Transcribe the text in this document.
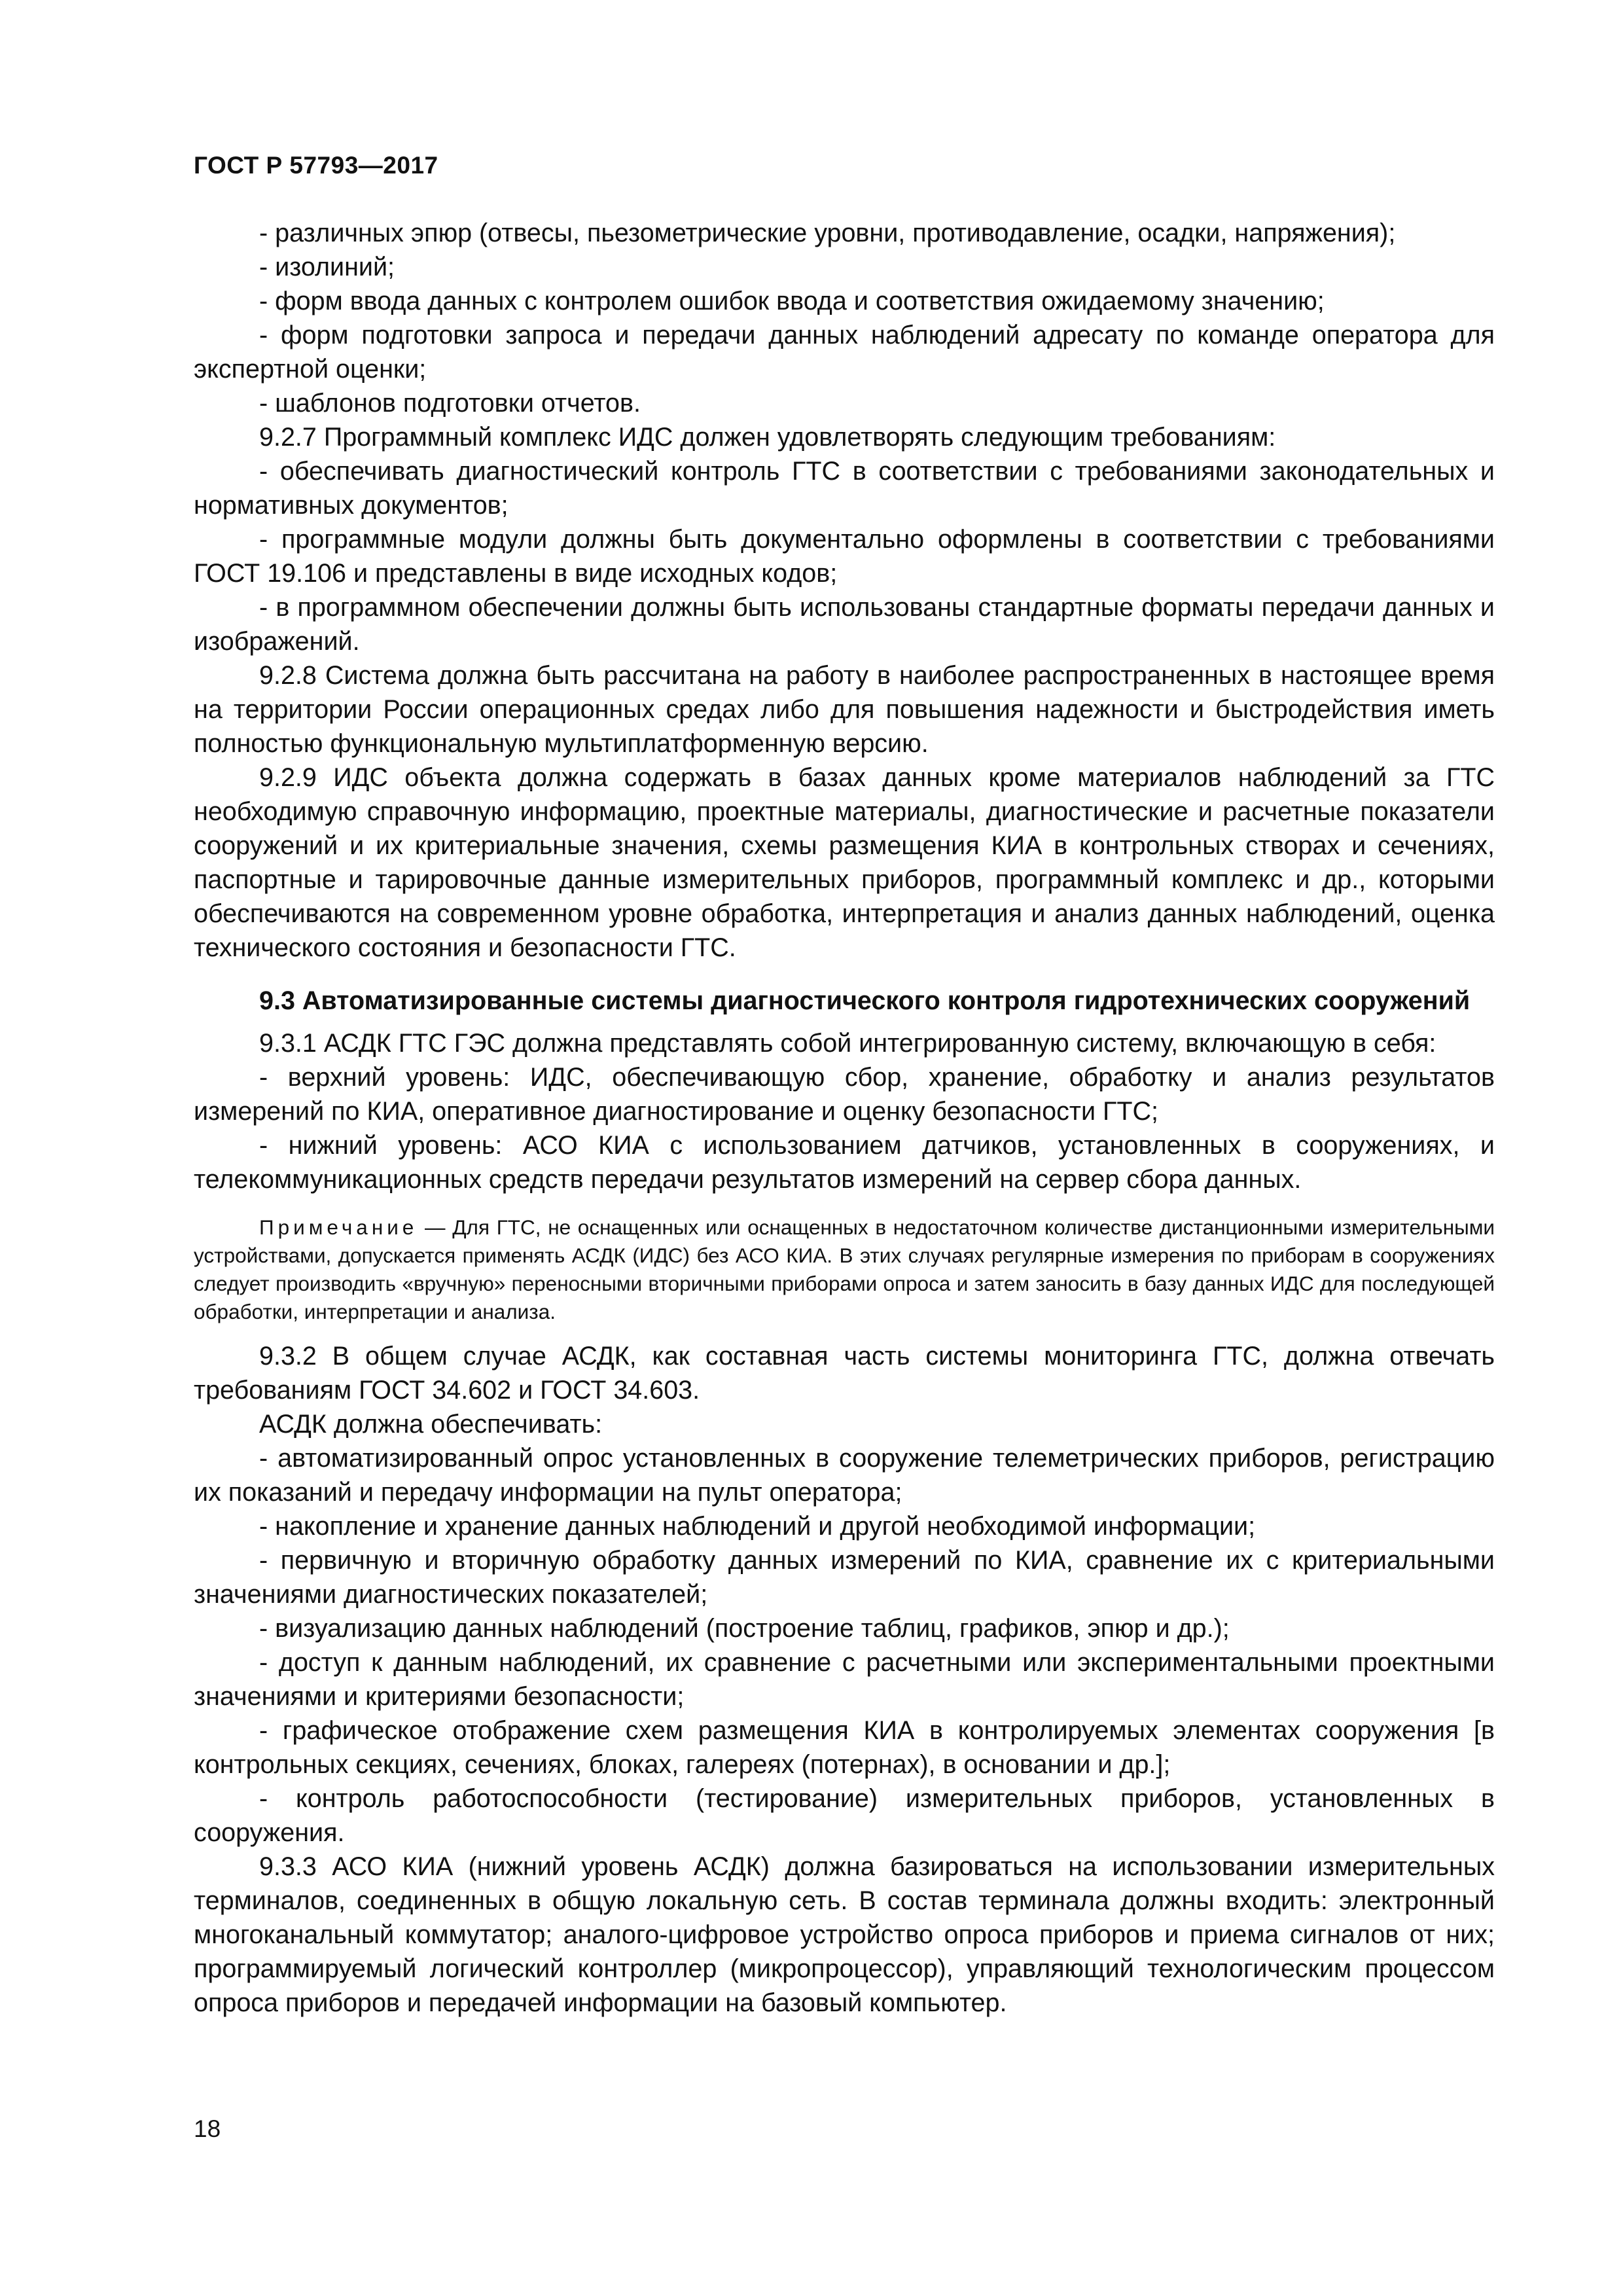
ГОСТ Р 57793—2017

- различных эпюр (отвесы, пьезометрические уровни, противодавление, осадки, напряжения);

- изолиний;

- форм ввода данных с контролем ошибок ввода и соответствия ожидаемому значению;

- форм подготовки запроса и передачи данных наблюдений адресату по команде оператора для экспертной оценки;

- шаблонов подготовки отчетов.

9.2.7 Программный комплекс ИДС должен удовлетворять следующим требованиям:

- обеспечивать диагностический контроль ГТС в соответствии с требованиями законодательных и нормативных документов;

- программные модули должны быть документально оформлены в соответствии с требованиями ГОСТ 19.106 и представлены в виде исходных кодов;

- в программном обеспечении должны быть использованы стандартные форматы передачи данных и изображений.

9.2.8 Система должна быть рассчитана на работу в наиболее распространенных в настоящее время на территории России операционных средах либо для повышения надежности и быстродействия иметь полностью функциональную мультиплатформенную версию.

9.2.9 ИДС объекта должна содержать в базах данных кроме материалов наблюдений за ГТС необходимую справочную информацию, проектные материалы, диагностические и расчетные показатели сооружений и их критериальные значения, схемы размещения КИА в контрольных створах и сечениях, паспортные и тарировочные данные измерительных приборов, программный комплекс и др., которыми обеспечиваются на современном уровне обработка, интерпретация и анализ данных наблюдений, оценка технического состояния и безопасности ГТС.

9.3 Автоматизированные системы диагностического контроля гидротехнических сооружений

9.3.1 АСДК ГТС ГЭС должна представлять собой интегрированную систему, включающую в себя:

- верхний уровень: ИДС, обеспечивающую сбор, хранение, обработку и анализ результатов измерений по КИА, оперативное диагностирование и оценку безопасности ГТС;

- нижний уровень: АСО КИА с использованием датчиков, установленных в сооружениях, и телекоммуникационных средств передачи результатов измерений на сервер сбора данных.

Примечание — Для ГТС, не оснащенных или оснащенных в недостаточном количестве дистанционными измерительными устройствами, допускается применять АСДК (ИДС) без АСО КИА. В этих случаях регулярные измерения по приборам в сооружениях следует производить «вручную» переносными вторичными приборами опроса и затем заносить в базу данных ИДС для последующей обработки, интерпретации и анализа.

9.3.2 В общем случае АСДК, как составная часть системы мониторинга ГТС, должна отвечать требованиям ГОСТ 34.602 и ГОСТ 34.603.

АСДК должна обеспечивать:

- автоматизированный опрос установленных в сооружение телеметрических приборов, регистрацию их показаний и передачу информации на пульт оператора;

- накопление и хранение данных наблюдений и другой необходимой информации;

- первичную и вторичную обработку данных измерений по КИА, сравнение их с критериальными значениями диагностических показателей;

- визуализацию данных наблюдений (построение таблиц, графиков, эпюр и др.);

- доступ к данным наблюдений, их сравнение с расчетными или экспериментальными проектными значениями и критериями безопасности;

- графическое отображение схем размещения КИА в контролируемых элементах сооружения [в контрольных секциях, сечениях, блоках, галереях (потернах), в основании и др.];

- контроль работоспособности (тестирование) измерительных приборов, установленных в сооружения.

9.3.3 АСО КИА (нижний уровень АСДК) должна базироваться на использовании измерительных терминалов, соединенных в общую локальную сеть. В состав терминала должны входить: электронный многоканальный коммутатор; аналого-цифровое устройство опроса приборов и приема сигналов от них; программируемый логический контроллер (микропроцессор), управляющий технологическим процессом опроса приборов и передачей информации на базовый компьютер.

18
